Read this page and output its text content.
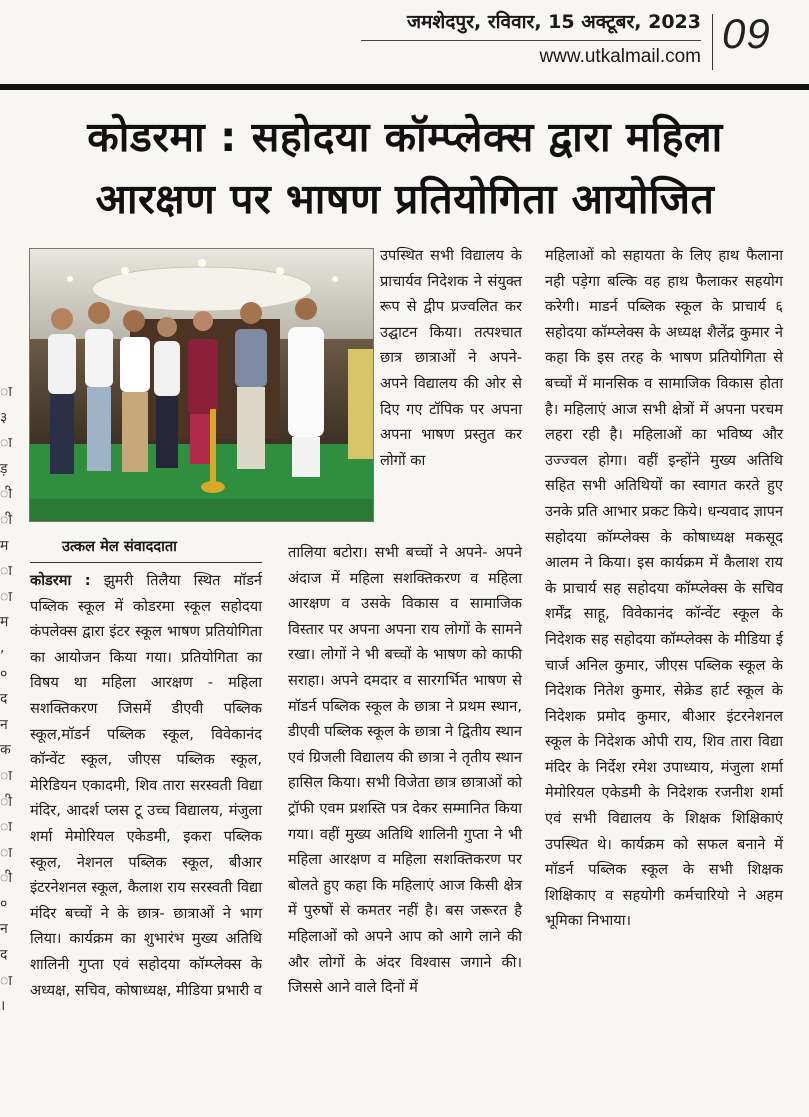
जमशेदपुर, रविवार, 15 अक्टूबर, 2023
www.utkalmail.com 09
कोडरमा : सहोदया कॉम्प्लेक्स द्वारा महिला
आरक्षण पर भाषण प्रतियोगिता आयोजित
ा
३
ा
ड़
ी
ी
म
ा
ा
म
,
०
द
न
क
ा
ी
ा
ा
ी
०
न
द
ा
।

उपस्थित सभी विद्यालय के प्राचार्यव निदेशक ने संयुक्त रूप से द्वीप प्रज्वलित कर उद्घाटन किया। तत्पश्चात छात्र छात्राओं ने अपने-अपने विद्यालय की ओर से दिए गए टॉपिक पर अपना अपना भाषण प्रस्तुत कर लोगों का

उत्कल मेल संवाददाता

कोडरमा : झुमरी तिलैया स्थित मॉडर्न पब्लिक स्कूल में कोडरमा स्कूल सहोदया कंपलेक्स द्वारा इंटर स्कूल भाषण प्रतियोगिता का आयोजन किया गया। प्रतियोगिता का विषय था महिला आरक्षण - महिला सशक्तिकरण जिसमें डीएवी पब्लिक स्कूल,मॉडर्न पब्लिक स्कूल, विवेकानंद कॉन्वेंट स्कूल, जीएस पब्लिक स्कूल, मेरिडियन एकादमी, शिव तारा सरस्वती विद्या मंदिर, आदर्श प्लस टू उच्च विद्यालय, मंजुला शर्मा मेमोरियल एकेडमी, इकरा पब्लिक स्कूल, नेशनल पब्लिक स्कूल, बीआर इंटरनेशनल स्कूल, कैलाश राय सरस्वती विद्या मंदिर बच्चों ने के छात्र- छात्राओं ने भाग लिया। कार्यक्रम का शुभारंभ मुख्य अतिथि शालिनी गुप्ता एवं सहोदया कॉम्प्लेक्स के अध्यक्ष, सचिव, कोषाध्यक्ष, मीडिया प्रभारी व

तालिया बटोरा। सभी बच्चों ने अपने- अपने अंदाज में महिला सशक्तिकरण व महिला आरक्षण व उसके विकास व सामाजिक विस्तार पर अपना अपना राय लोगों के सामने रखा। लोगों ने भी बच्चों के भाषण को काफी सराहा। अपने दमदार व सारगर्भित भाषण से मॉडर्न पब्लिक स्कूल के छात्रा ने प्रथम स्थान, डीएवी पब्लिक स्कूल के छात्रा ने द्वितीय स्थान एवं ग्रिजली विद्यालय की छात्रा ने तृतीय स्थान हासिल किया। सभी विजेता छात्र छात्राओं को ट्रॉफी एवम प्रशस्ति पत्र देकर सम्मानित किया गया। वहीं मुख्य अतिथि शालिनी गुप्ता ने भी महिला आरक्षण व महिला सशक्तिकरण पर बोलते हुए कहा कि महिलाएं आज किसी क्षेत्र में पुरुषों से कमतर नहीं है। बस जरूरत है महिलाओं को अपने आप को आगे लाने की और लोगों के अंदर विश्वास जगाने की। जिससे आने वाले दिनों में

महिलाओं को सहायता के लिए हाथ फैलाना नही पड़ेगा बल्कि वह हाथ फैलाकर सहयोग करेगी। माडर्न पब्लिक स्कूल के प्राचार्य ६ सहोदया कॉम्प्लेक्स के अध्यक्ष शैलेंद्र कुमार ने कहा कि इस तरह के भाषण प्रतियोगिता से बच्चों में मानसिक व सामाजिक विकास होता है। महिलाएं आज सभी क्षेत्रों में अपना परचम लहरा रही है। महिलाओं का भविष्य और उज्ज्वल होगा। वहीं इन्होंने मुख्य अतिथि सहित सभी अतिथियों का स्वागत करते हुए उनके प्रति आभार प्रकट किये। धन्यवाद ज्ञापन सहोदया कॉम्प्लेक्स के कोषाध्यक्ष मकसूद आलम ने किया। इस कार्यक्रम में कैलाश राय के प्राचार्य सह सहोदया कॉम्प्लेक्स के सचिव शर्मेंद्र साहू, विवेकानंद कॉन्वेंट स्कूल के निदेशक सह सहोदया कॉम्प्लेक्स के मीडिया ई चार्ज अनिल कुमार, जीएस पब्लिक स्कूल के निदेशक नितेश कुमार, सेक्रेड हार्ट स्कूल के निदेशक प्रमोद कुमार, बीआर इंटरनेशनल स्कूल के निदेशक ओपी राय, शिव तारा विद्या मंदिर के निर्देश रमेश उपाध्याय, मंजुला शर्मा मेमोरियल एकेडमी के निदेशक रजनीश शर्मा एवं सभी विद्यालय के शिक्षक शिक्षिकाएं उपस्थित थे। कार्यक्रम को सफल बनाने में मॉडर्न पब्लिक स्कूल के सभी शिक्षक शिक्षिकाए व सहयोगी कर्मचारियो ने अहम भूमिका निभाया।
